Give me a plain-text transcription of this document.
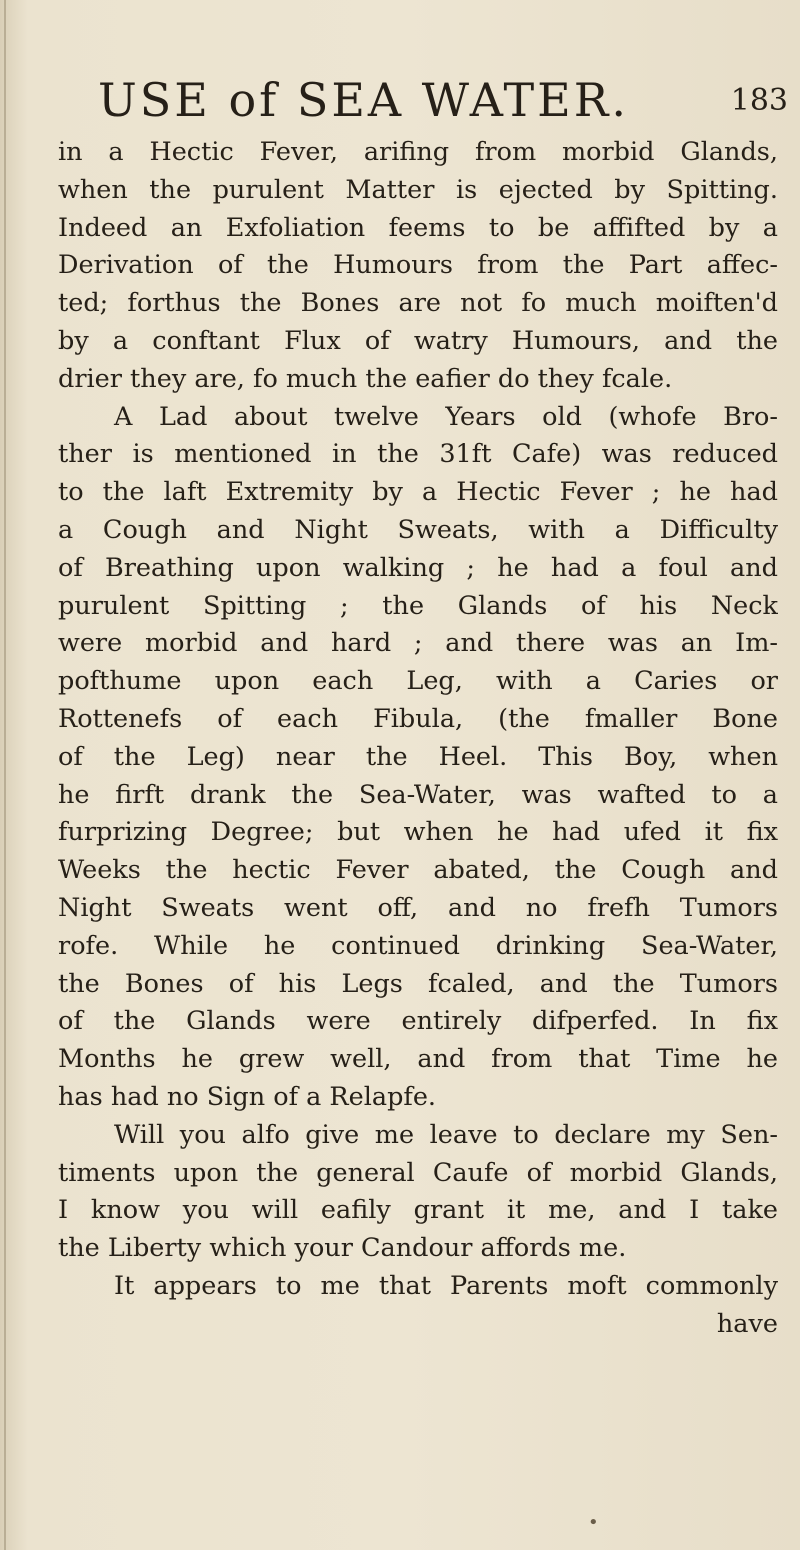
USE of SEA WATER.	183
in a Hectic Fever, arifing from morbid Glands,
when the purulent Matter is ejected by Spitting.
Indeed an Exfoliation feems to be affifted by a
Derivation of the Humours from the Part affec-
ted; forthus the Bones are not fo much moiften'd
by a conftant Flux of watry Humours, and the
drier they are, fo much the eafier do they fcale.
A Lad about twelve Years old (whofe Bro-
ther is mentioned in the 31ft Cafe) was reduced
to the laft Extremity by a Hectic Fever ; he had
a Cough and Night Sweats, with a Difficulty
of Breathing upon walking ; he had a foul and
purulent Spitting ; the Glands of his Neck
were morbid and hard ; and there was an Im-
pofthume upon each Leg, with a Caries or
Rottenefs of each Fibula, (the fmaller Bone
of the Leg) near the Heel. This Boy, when
he firft drank the Sea-Water, was wafted to a
furprizing Degree; but when he had ufed it fix
Weeks the hectic Fever abated, the Cough and
Night Sweats went off, and no frefh Tumors
rofe. While he continued drinking Sea-Water,
the Bones of his Legs fcaled, and the Tumors
of the Glands were entirely difperfed. In fix
Months he grew well, and from that Time he
has had no Sign of a Relapfe.
Will you alfo give me leave to declare my Sen-
timents upon the general Caufe of morbid Glands,
I know you will eafily grant it me, and I take
the Liberty which your Candour affords me.
It appears to me that Parents moft commonly
have
•
